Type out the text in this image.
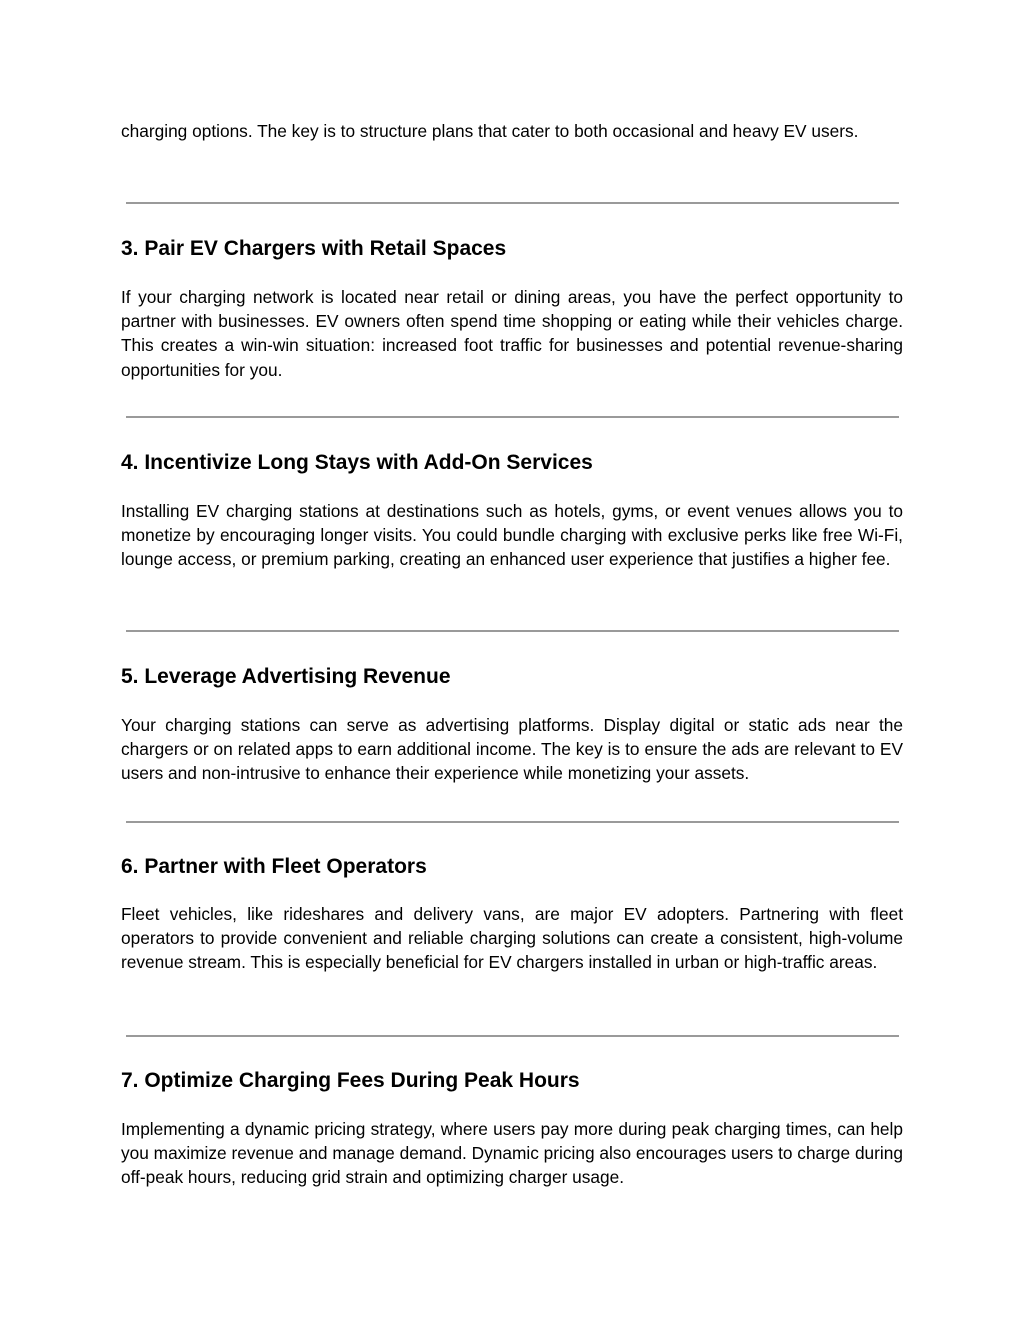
charging options. The key is to structure plans that cater to both occasional and heavy EV users.

3. Pair EV Chargers with Retail Spaces

If your charging network is located near retail or dining areas, you have the perfect opportunity to partner with businesses. EV owners often spend time shopping or eating while their vehicles charge. This creates a win-win situation: increased foot traffic for businesses and potential revenue-sharing opportunities for you.

4. Incentivize Long Stays with Add-On Services

Installing EV charging stations at destinations such as hotels, gyms, or event venues allows you to monetize by encouraging longer visits. You could bundle charging with exclusive perks like free Wi-Fi, lounge access, or premium parking, creating an enhanced user experience that justifies a higher fee.

5. Leverage Advertising Revenue

Your charging stations can serve as advertising platforms. Display digital or static ads near the chargers or on related apps to earn additional income. The key is to ensure the ads are relevant to EV users and non-intrusive to enhance their experience while monetizing your assets.

6. Partner with Fleet Operators

Fleet vehicles, like rideshares and delivery vans, are major EV adopters. Partnering with fleet operators to provide convenient and reliable charging solutions can create a consistent, high-volume revenue stream. This is especially beneficial for EV chargers installed in urban or high-traffic areas.

7. Optimize Charging Fees During Peak Hours

Implementing a dynamic pricing strategy, where users pay more during peak charging times, can help you maximize revenue and manage demand. Dynamic pricing also encourages users to charge during off-peak hours, reducing grid strain and optimizing charger usage.
